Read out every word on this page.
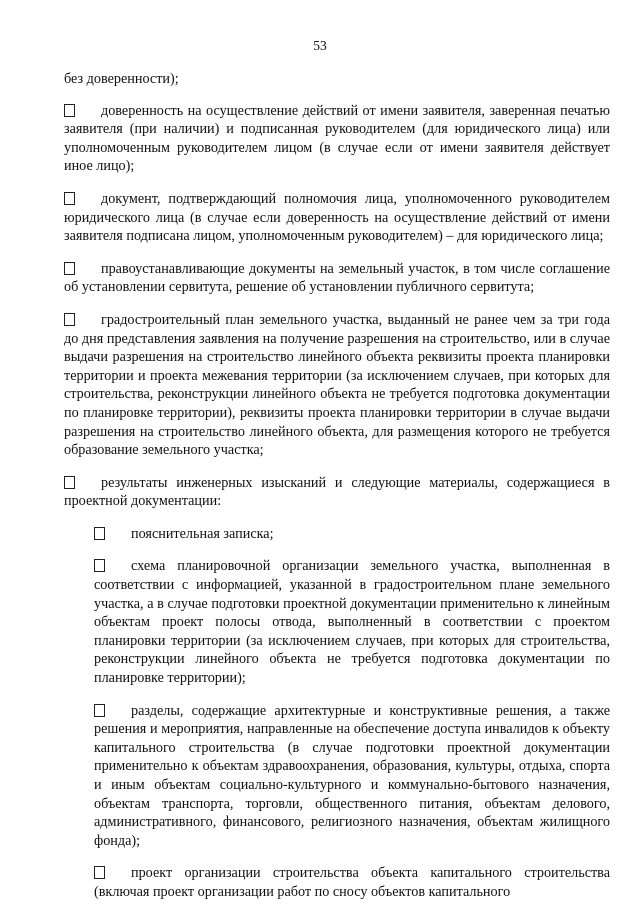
53

без доверенности);

доверенность на осуществление действий от имени заявителя, заверенная печатью заявителя (при наличии) и подписанная руководителем (для юридического лица) или уполномоченным руководителем лицом (в случае если от имени заявителя действует иное лицо);

документ, подтверждающий полномочия лица, уполномоченного руководителем юридического лица (в случае если доверенность на осуществление действий от имени заявителя подписана лицом, уполномоченным руководителем) – для юридического лица;

правоустанавливающие документы на земельный участок, в том числе соглашение об установлении сервитута, решение об установлении публичного сервитута;

градостроительный план земельного участка, выданный не ранее чем за три года до дня представления заявления на получение разрешения на строительство, или в случае выдачи разрешения на строительство линейного объекта реквизиты проекта планировки территории и проекта межевания территории (за исключением случаев, при которых для строительства, реконструкции линейного объекта не требуется подготовка документации по планировке территории), реквизиты проекта планировки территории в случае выдачи разрешения на строительство линейного объекта, для размещения которого не требуется образование земельного участка;

результаты инженерных изысканий и следующие материалы, содержащиеся в проектной документации:

пояснительная записка;

схема планировочной организации земельного участка, выполненная в соответствии с информацией, указанной в градостроительном плане земельного участка, а в случае подготовки проектной документации применительно к линейным объектам проект полосы отвода, выполненный в соответствии с проектом планировки территории (за исключением случаев, при которых для строительства, реконструкции линейного объекта не требуется подготовка документации по планировке территории);

разделы, содержащие архитектурные и конструктивные решения, а также решения и мероприятия, направленные на обеспечение доступа инвалидов к объекту капитального строительства (в случае подготовки проектной документации применительно к объектам здравоохранения, образования, культуры, отдыха, спорта и иным объектам социально-культурного и коммунально-бытового назначения, объектам транспорта, торговли, общественного питания, объектам делового, административного, финансового, религиозного назначения, объектам жилищного фонда);

проект организации строительства объекта капитального строительства (включая проект организации работ по сносу объектов капитального
